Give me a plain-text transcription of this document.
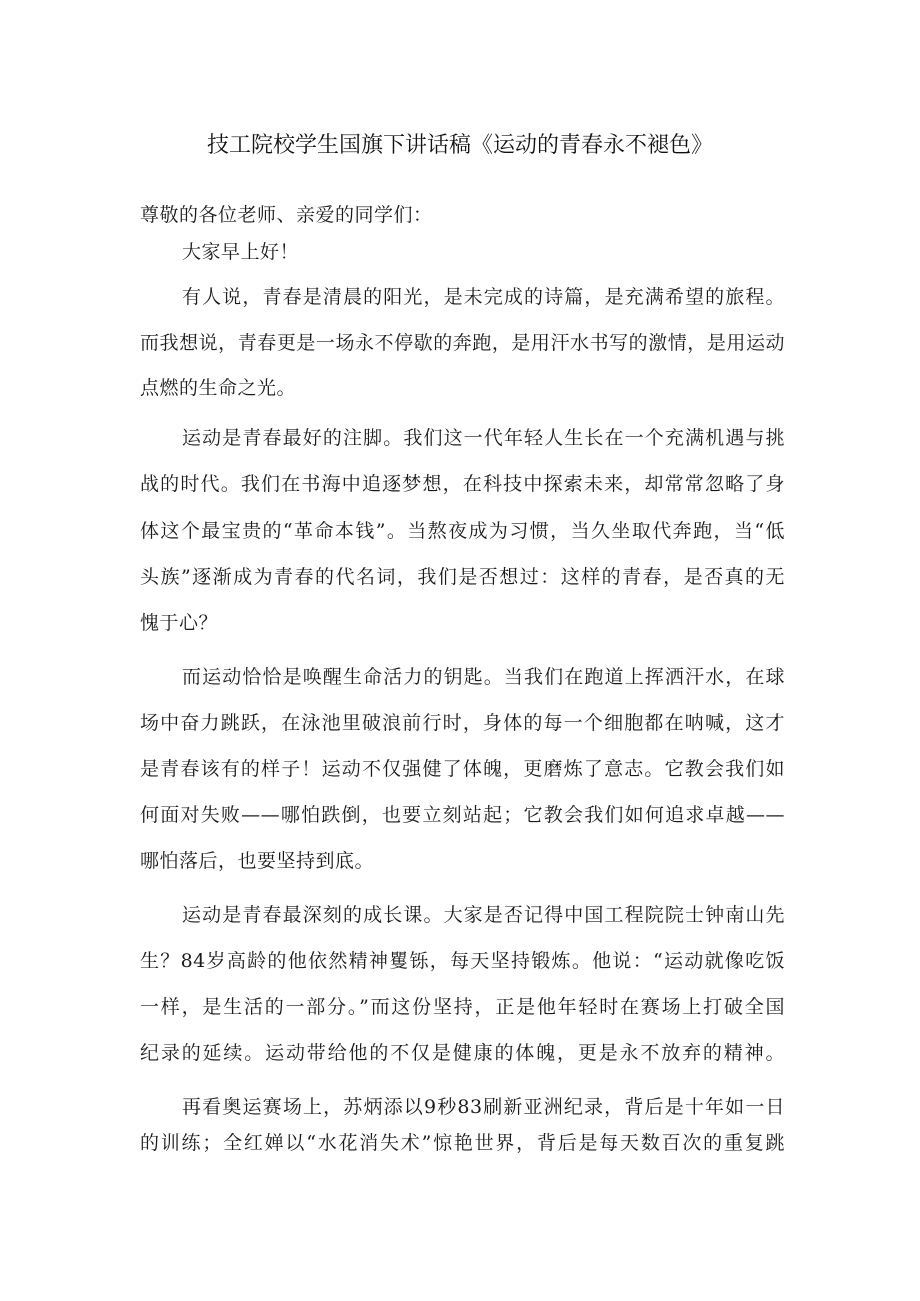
技工院校学生国旗下讲话稿《运动的青春永不褪色》
尊敬的各位老师、亲爱的同学们：
大家早上好！
有人说，青春是清晨的阳光，是未完成的诗篇，是充满希望的旅程。
而我想说，青春更是一场永不停歇的奔跑，是用汗水书写的激情，是用运动
点燃的生命之光。
运动是青春最好的注脚。我们这一代年轻人生长在一个充满机遇与挑
战的时代。我们在书海中追逐梦想，在科技中探索未来，却常常忽略了身
体这个最宝贵的“革命本钱”。当熬夜成为习惯，当久坐取代奔跑，当“低
头族”逐渐成为青春的代名词，我们是否想过：这样的青春，是否真的无
愧于心？
而运动恰恰是唤醒生命活力的钥匙。当我们在跑道上挥洒汗水，在球
场中奋力跳跃，在泳池里破浪前行时，身体的每一个细胞都在呐喊，这才
是青春该有的样子！运动不仅强健了体魄，更磨炼了意志。它教会我们如
何面对失败——哪怕跌倒，也要立刻站起；它教会我们如何追求卓越——
哪怕落后，也要坚持到底。
运动是青春最深刻的成长课。大家是否记得中国工程院院士钟南山先
生？84岁高龄的他依然精神矍铄，每天坚持锻炼。他说：“运动就像吃饭
一样，是生活的一部分。”而这份坚持，正是他年轻时在赛场上打破全国
纪录的延续。运动带给他的不仅是健康的体魄，更是永不放弃的精神。
再看奥运赛场上，苏炳添以9秒83刷新亚洲纪录，背后是十年如一日
的训练；全红婵以“水花消失术”惊艳世界，背后是每天数百次的重复跳
